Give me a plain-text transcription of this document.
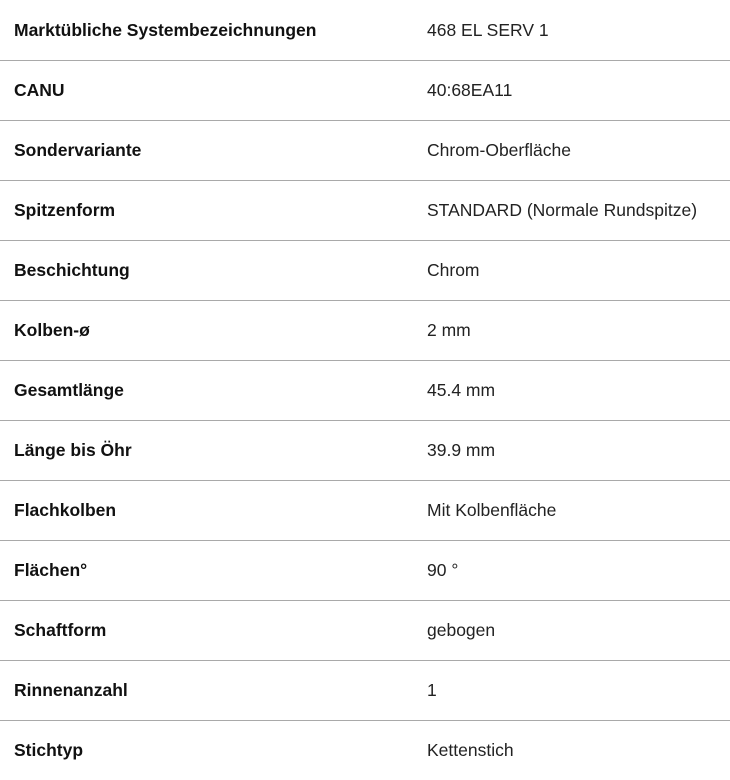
Marktübliche Systembezeichnungen	468 EL SERV 1
CANU	40:68EA11
Sondervariante	Chrom-Oberfläche
Spitzenform	STANDARD (Normale Rundspitze)
Beschichtung	Chrom
Kolben-ø	2 mm
Gesamtlänge	45.4 mm
Länge bis Öhr	39.9 mm
Flachkolben	Mit Kolbenfläche
Flächen°	90 °
Schaftform	gebogen
Rinnenanzahl	1
Stichtyp	Kettenstich
